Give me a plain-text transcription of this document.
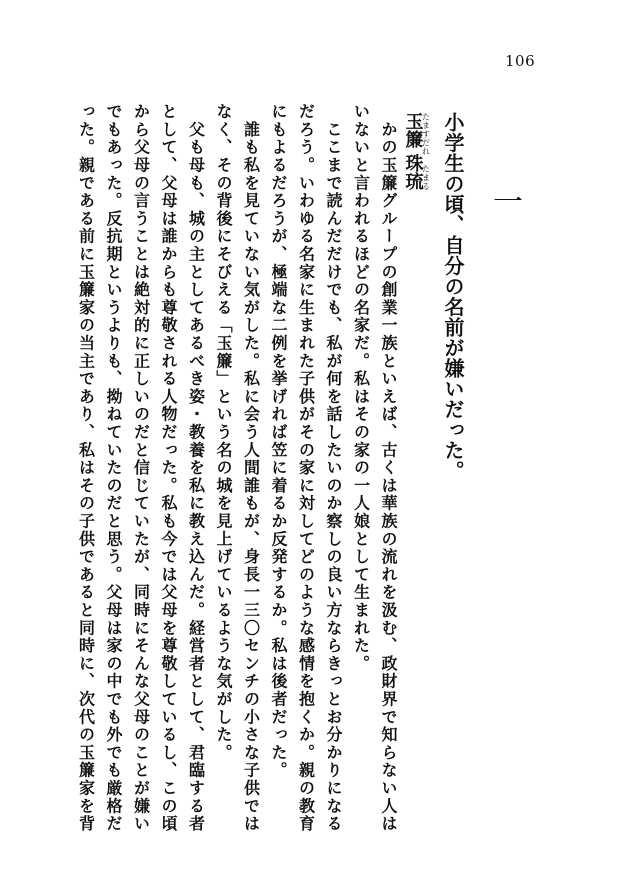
106
一
小学生の頃、自分の名前が嫌いだった。
玉簾 珠琉 たますだれ　たまる
　かの玉簾グループの創業一族といえば、古くは華族の流れを汲む、政財界で知らない人は
いないと言われるほどの名家だ。私はその家の一人娘として生まれた。
　ここまで読んだだけでも、私が何を話したいのか察しの良い方ならきっとお分かりになる
だろう。いわゆる名家に生まれた子供がその家に対してどのような感情を抱くか。親の教育
にもよるだろうが、極端な二例を挙げれば笠に着るか反発するか。私は後者だった。
　誰も私を見ていない気がした。私に会う人間誰もが、身長一三〇センチの小さな子供では
なく、その背後にそびえる「玉簾」という名の城を見上げているような気がした。
　父も母も、城の主としてあるべき姿・教養を私に教え込んだ。経営者として、君臨する者
として、父母は誰からも尊敬される人物だった。私も今では父母を尊敬しているし、この頃
から父母の言うことは絶対的に正しいのだと信じていたが、同時にそんな父母のことが嫌い
でもあった。反抗期というよりも、拗ねていたのだと思う。父母は家の中でも外でも厳格だ
った。親である前に玉簾家の当主であり、私はその子供であると同時に、次代の玉簾家を背
